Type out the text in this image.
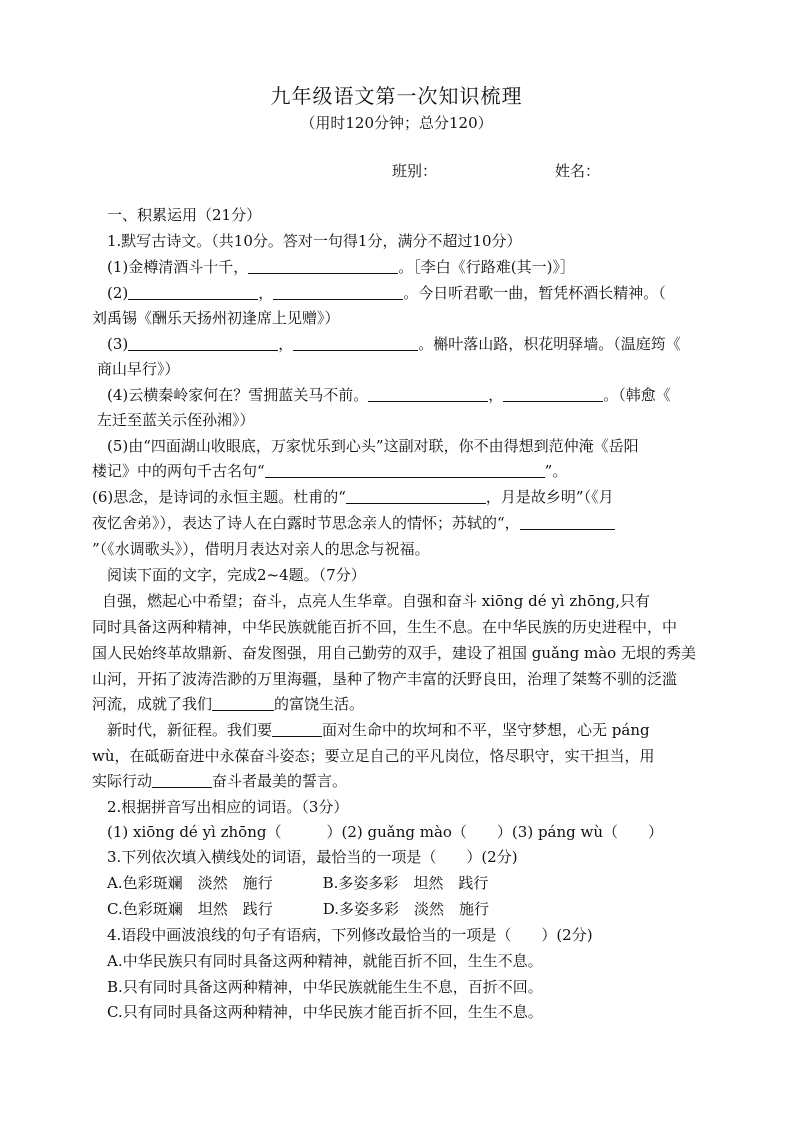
九年级语文第一次知识梳理
（用时120分钟；总分120）
班别：	姓名：
一、积累运用（21分）
1.默写古诗文。（共10分。答对一句得1分，满分不超过10分）
(1)金樽清酒斗十千，	。［李白《行路难(其一)》］
(2)	，	。今日听君歌一曲，暂凭杯酒长精神。（
刘禹锡《酬乐天扬州初逢席上见赠》）
(3)	，	。槲叶落山路，枳花明驿墙。（温庭筠《
商山早行》）
(4)云横秦岭家何在？雪拥蓝关马不前。	，	。（韩愈《
左迁至蓝关示侄孙湘》）
(5)由“四面湖山收眼底，万家忧乐到心头”这副对联，你不由得想到范仲淹《岳阳
楼记》中的两句千古名句“	”。
(6)思念，是诗词的永恒主题。杜甫的“	，月是故乡明”（《月
夜忆舍弟》），表达了诗人在白露时节思念亲人的情怀；苏轼的“，
”（《水调歌头》），借明月表达对亲人的思念与祝福。
阅读下面的文字，完成2~4题。（7分）
自强，燃起心中希望；奋斗，点亮人生华章。自强和奋斗 xiōng dé yì zhōng,只有
同时具备这两种精神，中华民族就能百折不回，生生不息。在中华民族的历史进程中，中
国人民始终革故鼎新、奋发图强，用自己勤劳的双手，建设了祖国 guǎng mào 无垠的秀美
山河，开拓了波涛浩渺的万里海疆，垦种了物产丰富的沃野良田，治理了桀骜不驯的泛滥
河流，成就了我们	的富饶生活。
新时代，新征程。我们要	面对生命中的坎坷和不平，坚守梦想，心无 páng
wù，在砥砺奋进中永葆奋斗姿态；要立足自己的平凡岗位，恪尽职守，实干担当，用
实际行动	奋斗者最美的誓言。
2.根据拼音写出相应的词语。（3分）
(1) xiōng dé yì zhōng（　　　）(2) guǎng mào（　　）(3) páng wù（　　）
3.下列依次填入横线处的词语，最恰当的一项是（　　）(2分)
A.色彩斑斓　淡然　施行	B.多姿多彩　坦然　践行
C.色彩斑斓　坦然　践行	D.多姿多彩　淡然　施行
4.语段中画波浪线的句子有语病，下列修改最恰当的一项是（　　）(2分)
A.中华民族只有同时具备这两种精神，就能百折不回，生生不息。
B.只有同时具备这两种精神，中华民族就能生生不息，百折不回。
C.只有同时具备这两种精神，中华民族才能百折不回，生生不息。
